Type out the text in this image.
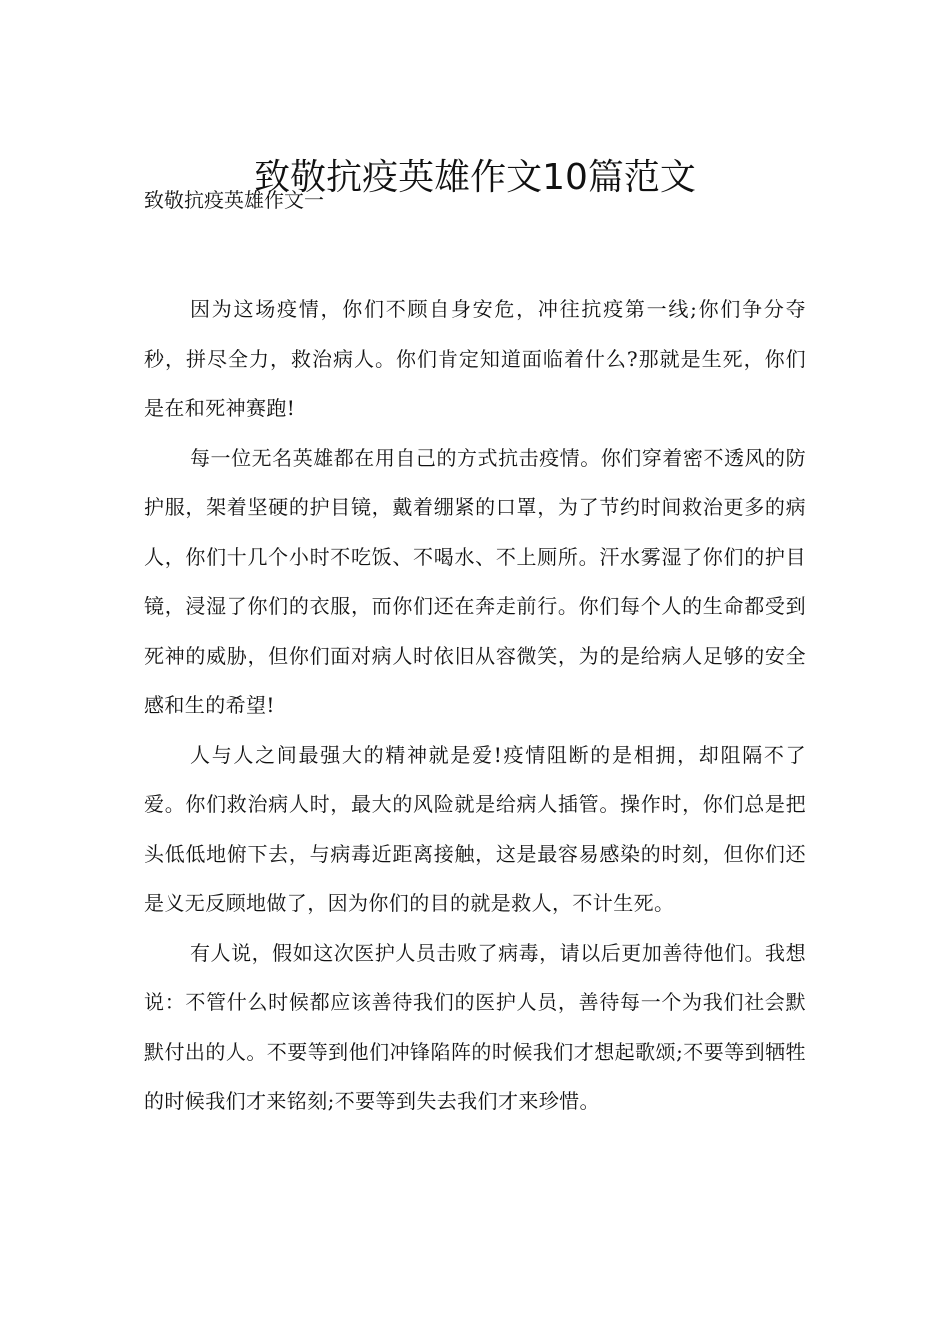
致敬抗疫英雄作文10篇范文
致敬抗疫英雄作文一

因为这场疫情，你们不顾自身安危，冲往抗疫第一线;你们争分夺秒，拼尽全力，救治病人。你们肯定知道面临着什么?那就是生死，你们是在和死神赛跑!

每一位无名英雄都在用自己的方式抗击疫情。你们穿着密不透风的防护服，架着坚硬的护目镜，戴着绷紧的口罩，为了节约时间救治更多的病人，你们十几个小时不吃饭、不喝水、不上厕所。汗水雾湿了你们的护目镜，浸湿了你们的衣服，而你们还在奔走前行。你们每个人的生命都受到死神的威胁，但你们面对病人时依旧从容微笑，为的是给病人足够的安全感和生的希望!

人与人之间最强大的精神就是爱!疫情阻断的是相拥，却阻隔不了爱。你们救治病人时，最大的风险就是给病人插管。操作时，你们总是把头低低地俯下去，与病毒近距离接触，这是最容易感染的时刻，但你们还是义无反顾地做了，因为你们的目的就是救人，不计生死。

有人说，假如这次医护人员击败了病毒，请以后更加善待他们。我想说：不管什么时候都应该善待我们的医护人员，善待每一个为我们社会默默付出的人。不要等到他们冲锋陷阵的时候我们才想起歌颂;不要等到牺牲的时候我们才来铭刻;不要等到失去我们才来珍惜。
